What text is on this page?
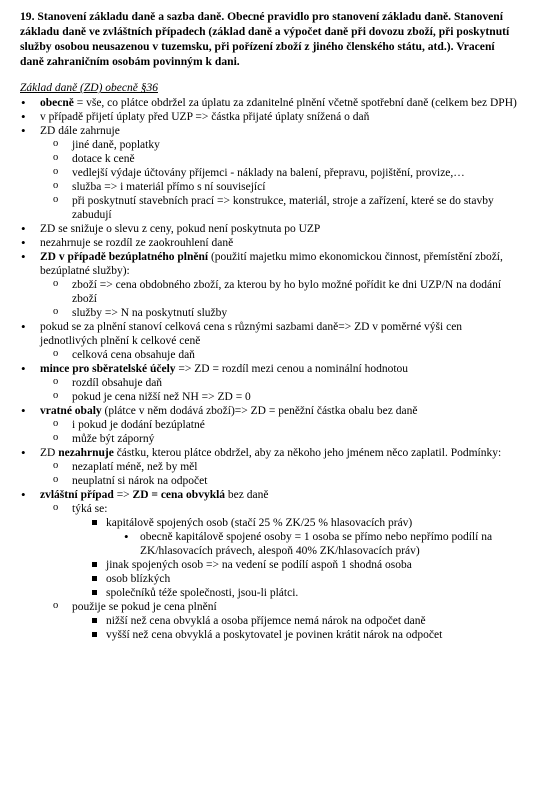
19. Stanovení základu daně a sazba daně. Obecné pravidlo pro stanovení základu daně. Stanovení základu daně ve zvláštních případech (základ daně a výpočet daně při dovozu zboží, při poskytnutí služby osobou neusazenou v tuzemsku, při pořízení zboží z jiného členského státu, atd.). Vracení daně zahraničním osobám povinným k dani.

Základ daně (ZD) obecně §36
• obecně = vše, co plátce obdržel za úplatu za zdanitelné plnění včetně spotřební daně (celkem bez DPH)
• v případě přijetí úplaty před UZP => částka přijaté úplaty snížená o daň
• ZD dále zahrnuje
o jiné daně, poplatky
o dotace k ceně
o vedlejší výdaje účtovány příjemci - náklady na balení, přepravu, pojištění, provize,…
o služba => i materiál přímo s ní související
o při poskytnutí stavebních prací => konstrukce, materiál, stroje a zařízení, které se do stavby zabudují
• ZD se snižuje o slevu z ceny, pokud není poskytnuta po UZP
• nezahrnuje se rozdíl ze zaokrouhlení daně
• ZD v případě bezúplatného plnění (použití majetku mimo ekonomickou činnost, přemístění zboží, bezúplatné služby):
o zboží => cena obdobného zboží, za kterou by ho bylo možné pořídit ke dni UZP/N na dodání zboží
o služby => N na poskytnutí služby
• pokud se za plnění stanoví celková cena s různými sazbami daně=> ZD v poměrné výši cen jednotlivých plnění k celkové ceně
o celková cena obsahuje daň
• mince pro sběratelské účely => ZD = rozdíl mezi cenou a nominální hodnotou
o rozdíl obsahuje daň
o pokud je cena nižší než NH => ZD = 0
• vratné obaly (plátce v něm dodává zboží)=> ZD = peněžní částka obalu bez daně
o i pokud je dodání bezúplatné
o může být záporný
• ZD nezahrnuje částku, kterou plátce obdržel, aby za někoho jeho jménem něco zaplatil. Podmínky:
o nezaplatí méně, než by měl
o neuplatní si nárok na odpočet
• zvláštní případ => ZD = cena obvyklá bez daně
o týká se:
kapitálově spojených osob (stačí 25 % ZK/25 % hlasovacích práv)
• obecně kapitálově spojené osoby = 1 osoba se přímo nebo nepřímo podílí na ZK/hlasovacích právech, alespoň 40% ZK/hlasovacích práv)
jinak spojených osob => na vedení se podílí aspoň 1 shodná osoba
osob blízkých
společníků téže společnosti, jsou-li plátci.
o použije se pokud je cena plnění
nižší než cena obvyklá a osoba příjemce nemá nárok na odpočet daně
vyšší než cena obvyklá a poskytovatel je povinen krátit nárok na odpočet
